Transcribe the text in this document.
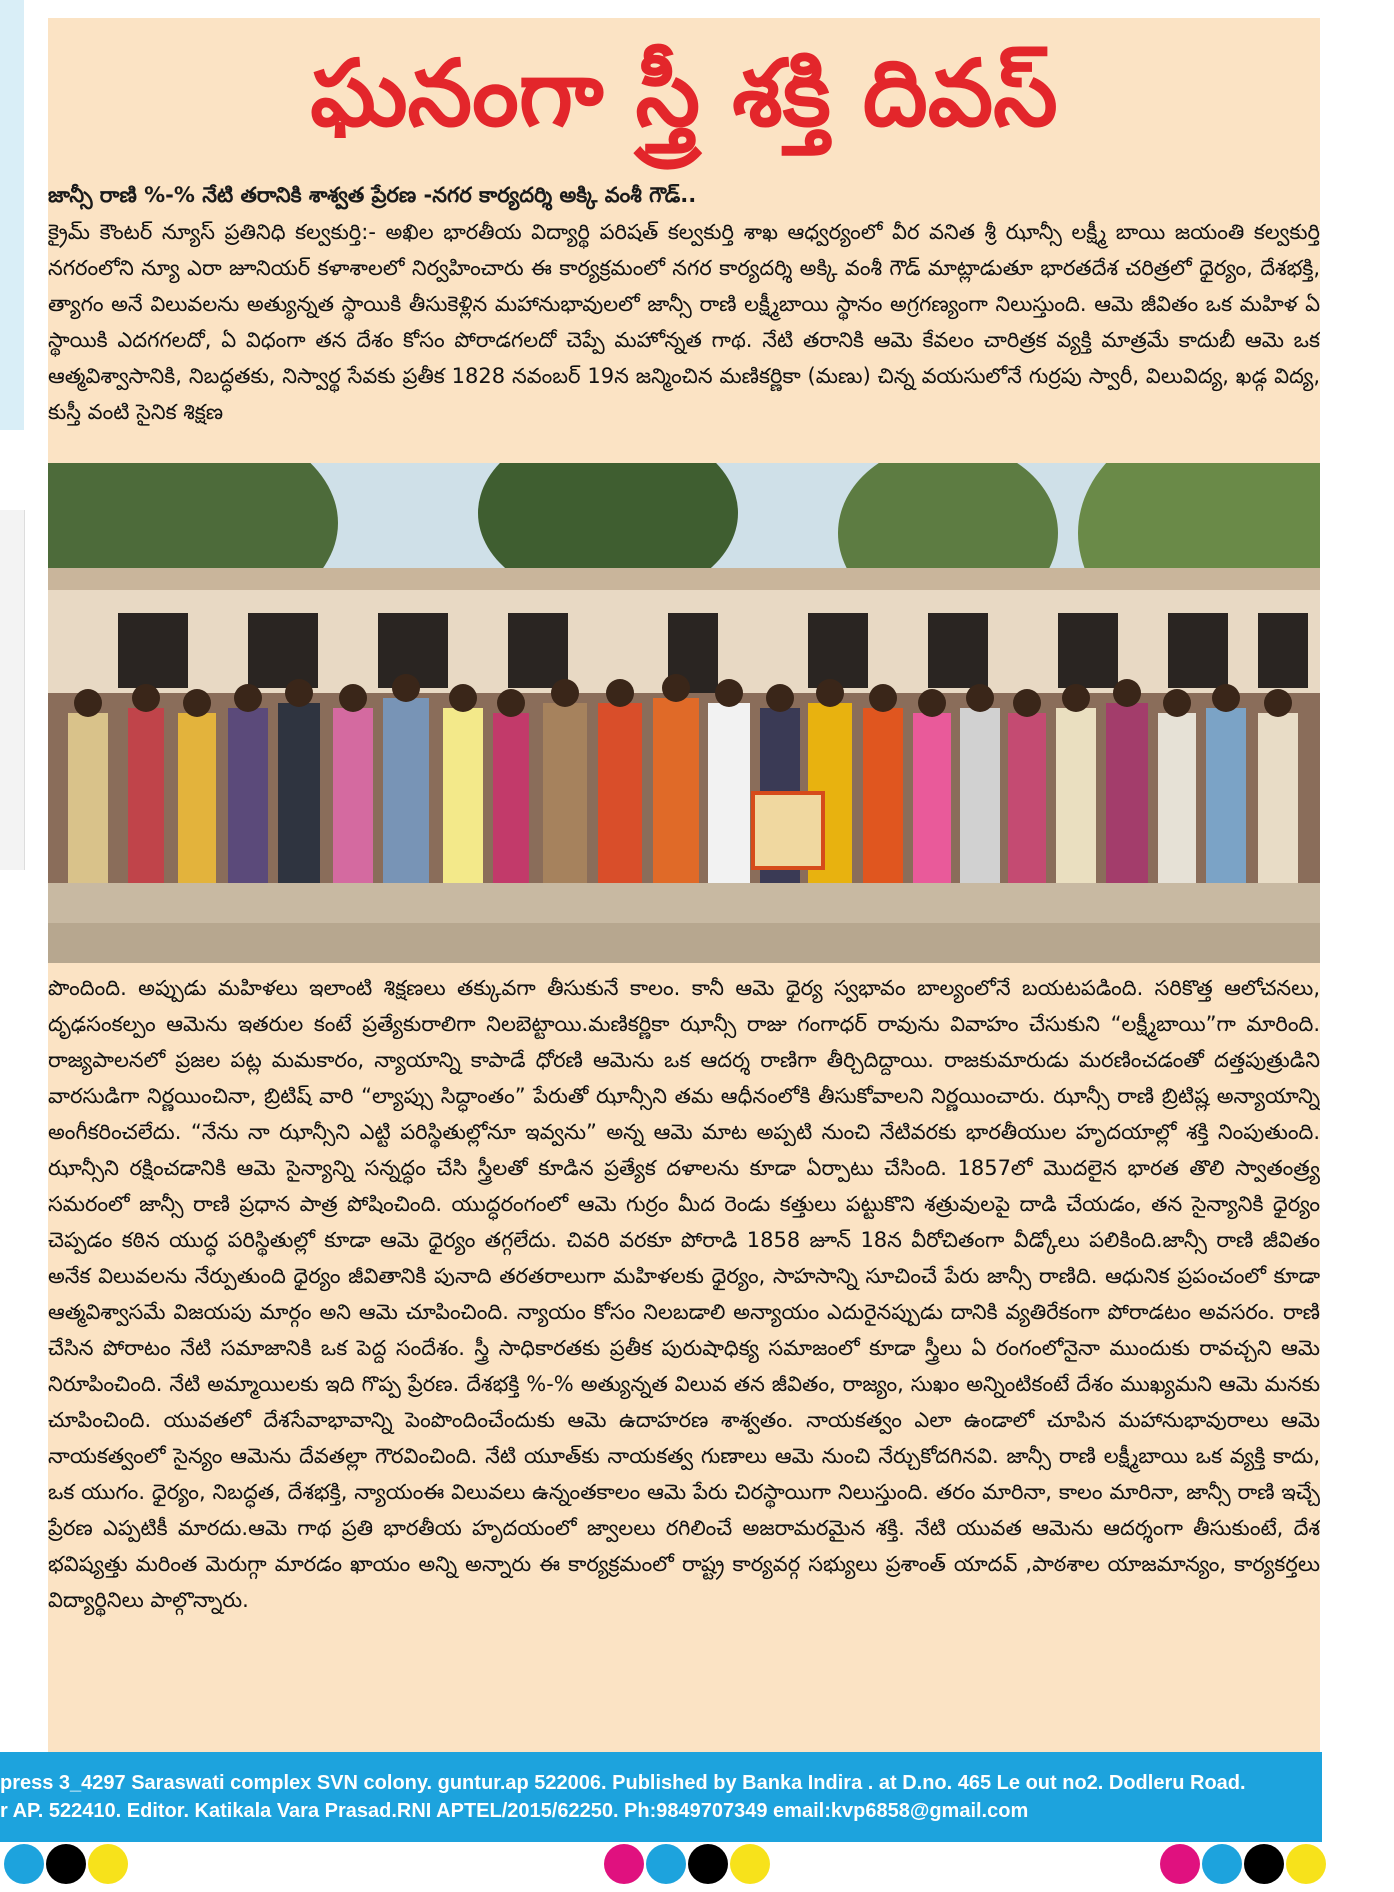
ఘనంగా స్త్రీ శక్తి దివస్
జాన్సీ రాణి %-% నేటి తరానికి శాశ్వత ప్రేరణ -నగర కార్యదర్శి అక్కి వంశీ గౌడ్..
క్రైమ్ కౌంటర్ న్యూస్ ప్రతినిధి కల్వకుర్తి:- అఖిల భారతీయ విద్యార్థి పరిషత్ కల్వకుర్తి శాఖ ఆధ్వర్యంలో వీర వనిత శ్రీ ఝాన్సీ లక్ష్మీ బాయి జయంతి కల్వకుర్తి నగరంలోని న్యూ ఎరా జూనియర్ కళాశాలలో నిర్వహించారు ఈ కార్యక్రమంలో నగర కార్యదర్శి అక్కి వంశీ గౌడ్ మాట్లాడుతూ భారతదేశ చరిత్రలో ధైర్యం, దేశభక్తి, త్యాగం అనే విలువలను అత్యున్నత స్థాయికి తీసుకెళ్లిన మహానుభావులలో జాన్సీ రాణి లక్ష్మీబాయి స్థానం అగ్రగణ్యంగా నిలుస్తుంది. ఆమె జీవితం ఒక మహిళ ఏ స్థాయికి ఎదగగలదో, ఏ విధంగా తన దేశం కోసం పోరాడగలదో చెప్పే మహోన్నత గాథ. నేటి తరానికి ఆమె కేవలం చారిత్రక వ్యక్తి మాత్రమే కాదుబీ ఆమె ఒక ఆత్మవిశ్వాసానికి, నిబద్ధతకు, నిస్వార్థ సేవకు ప్రతీక 1828 నవంబర్ 19న జన్మించిన మణికర్ణికా (మణు) చిన్న వయసులోనే గుర్రపు స్వారీ, విలువిద్య, ఖడ్గ విద్య, కుస్తీ వంటి సైనిక శిక్షణ
పొందింది. అప్పుడు మహిళలు ఇలాంటి శిక్షణలు తక్కువగా తీసుకునే కాలం. కానీ ఆమె ధైర్య స్వభావం బాల్యంలోనే బయటపడింది. సరికొత్త ఆలోచనలు, దృఢసంకల్పం ఆమెను ఇతరుల కంటే ప్రత్యేకురాలిగా నిలబెట్టాయి.మణికర్ణికా ఝాన్సీ రాజు గంగాధర్ రావును వివాహం చేసుకుని “లక్ష్మీబాయి”గా మారింది. రాజ్యపాలనలో ప్రజల పట్ల మమకారం, న్యాయాన్ని కాపాడే ధోరణి ఆమెను ఒక ఆదర్శ రాణిగా తీర్చిదిద్దాయి. రాజకుమారుడు మరణించడంతో దత్తపుత్రుడిని వారసుడిగా నిర్ణయించినా, బ్రిటిష్ వారి “ల్యాప్సు సిద్ధాంతం” పేరుతో ఝాన్సీని తమ ఆధీనంలోకి తీసుకోవాలని నిర్ణయించారు. ఝాన్సీ రాణి బ్రిటిష్ల అన్యాయాన్ని అంగీకరించలేదు. “నేను నా ఝాన్సీని ఎట్టి పరిస్థితుల్లోనూ ఇవ్వను” అన్న ఆమె మాట అప్పటి నుంచి నేటివరకు భారతీయుల హృదయాల్లో శక్తి నింపుతుంది. ఝాన్సీని రక్షించడానికి ఆమె సైన్యాన్ని సన్నద్ధం చేసి స్త్రీలతో కూడిన ప్రత్యేక దళాలను కూడా ఏర్పాటు చేసింది. 1857లో మొదలైన భారత తొలి స్వాతంత్ర్య సమరంలో జాన్సీ రాణి ప్రధాన పాత్ర పోషించింది. యుద్ధరంగంలో ఆమె గుర్రం మీద రెండు కత్తులు పట్టుకొని శత్రువులపై దాడి చేయడం, తన సైన్యానికి ధైర్యం చెప్పడం కఠిన యుద్ధ పరిస్థితుల్లో కూడా ఆమె ధైర్యం తగ్గలేదు. చివరి వరకూ పోరాడి 1858 జూన్ 18న వీరోచితంగా వీడ్కోలు పలికింది.జాన్సీ రాణి జీవితం అనేక విలువలను నేర్పుతుంది ధైర్యం జీవితానికి పునాది తరతరాలుగా మహిళలకు ధైర్యం, సాహసాన్ని సూచించే పేరు జాన్సీ రాణిది. ఆధునిక ప్రపంచంలో కూడా ఆత్మవిశ్వాసమే విజయపు మార్గం అని ఆమె చూపించింది. న్యాయం కోసం నిలబడాలి అన్యాయం ఎదురైనప్పుడు దానికి వ్యతిరేకంగా పోరాడటం అవసరం. రాణి చేసిన పోరాటం నేటి సమాజానికి ఒక పెద్ద సందేశం. స్త్రీ సాధికారతకు ప్రతీక పురుషాధిక్య సమాజంలో కూడా స్త్రీలు ఏ రంగంలోనైనా ముందుకు రావచ్చని ఆమె నిరూపించింది. నేటి అమ్మాయిలకు ఇది గొప్ప ప్రేరణ. దేశభక్తి %-% అత్యున్నత విలువ తన జీవితం, రాజ్యం, సుఖం అన్నింటికంటే దేశం ముఖ్యమని ఆమె మనకు చూపించింది. యువతలో దేశసేవాభావాన్ని పెంపొందించేందుకు ఆమె ఉదాహరణ శాశ్వతం. నాయకత్వం ఎలా ఉండాలో చూపిన మహానుభావురాలు ఆమె నాయకత్వంలో సైన్యం ఆమెను దేవతల్లా గౌరవించింది. నేటి యూత్‌కు నాయకత్వ గుణాలు ఆమె నుంచి నేర్చుకోదగినవి. జాన్సీ రాణి లక్ష్మీబాయి ఒక వ్యక్తి కాదు, ఒక యుగం. ధైర్యం, నిబద్ధత, దేశభక్తి, న్యాయంఈ విలువలు ఉన్నంతకాలం ఆమె పేరు చిరస్థాయిగా నిలుస్తుంది. తరం మారినా, కాలం మారినా, జాన్సీ రాణి ఇచ్చే ప్రేరణ ఎప్పటికీ మారదు.ఆమె గాథ ప్రతి భారతీయ హృదయంలో జ్వాలలు రగిలించే అజరామరమైన శక్తి. నేటి యువత ఆమెను ఆదర్శంగా తీసుకుంటే, దేశ భవిష్యత్తు మరింత మెరుగ్గా మారడం ఖాయం అన్ని అన్నారు ఈ కార్యక్రమంలో రాష్ట్ర కార్యవర్గ సభ్యులు ప్రశాంత్ యాదవ్ ,పాఠశాల యాజమాన్యం, కార్యకర్తలు విద్యార్థినిలు పాల్గొన్నారు.
press 3_4297 Saraswati complex SVN colony. guntur.ap 522006. Published by Banka Indira . at D.no. 465 Le out no2. Dodleru Road.
r AP. 522410. Editor. Katikala Vara Prasad.RNI APTEL/2015/62250. Ph:9849707349 email:kvp6858@gmail.com
